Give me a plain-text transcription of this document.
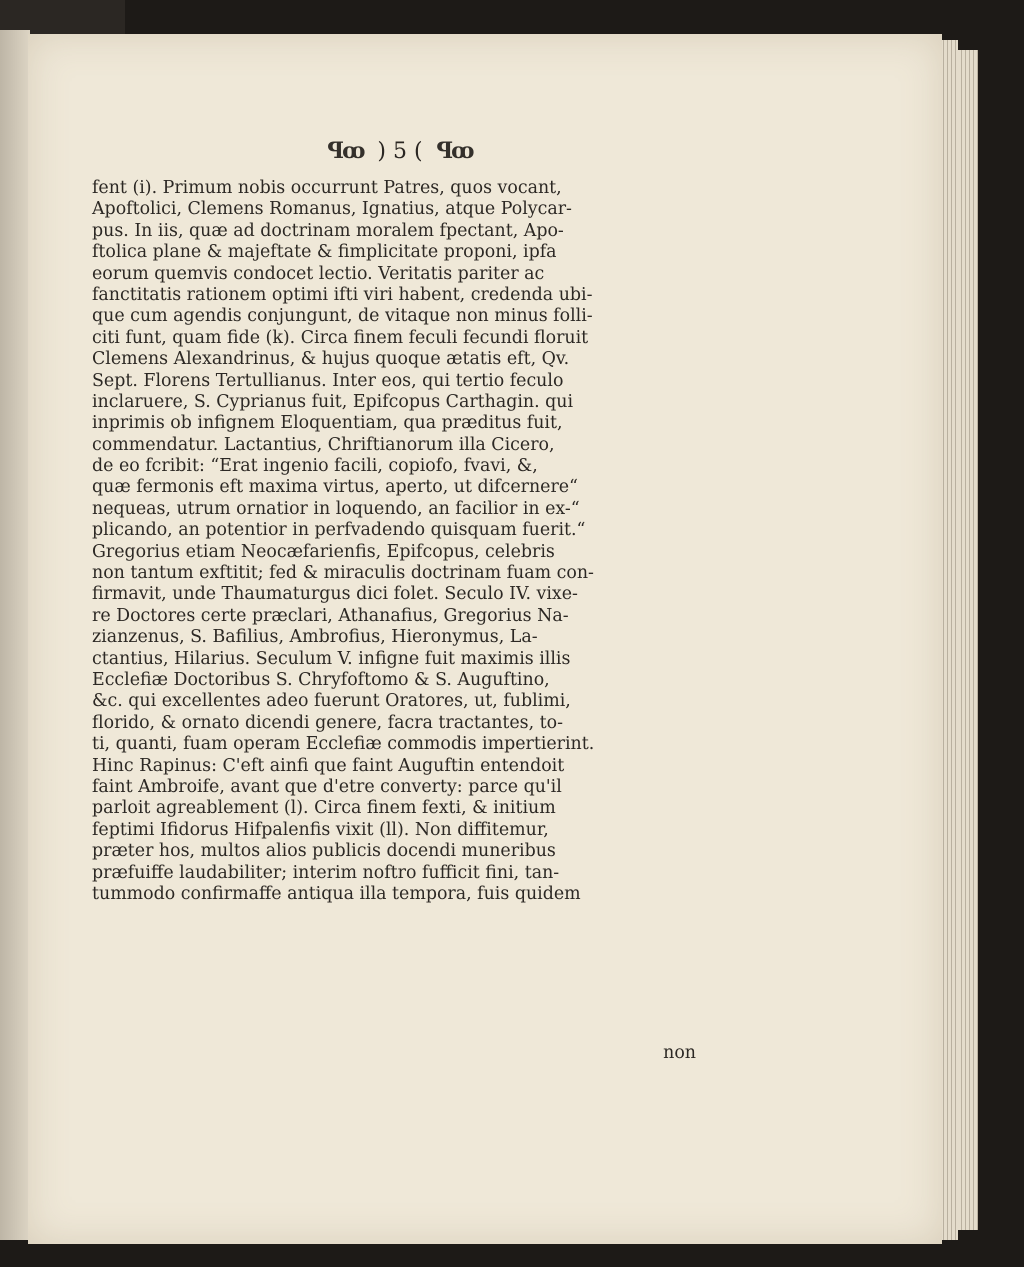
ꟼꝏ ) 5 ( ꟼꝏ
fent (i). Primum nobis occurrunt Patres, quos vocant,
Apoftolici, Clemens Romanus, Ignatius, atque Polycar-
pus. In iis, quæ ad doctrinam moralem fpectant, Apo-
ftolica plane & majeftate & fimplicitate proponi, ipfa
eorum quemvis condocet lectio. Veritatis pariter ac
fanctitatis rationem optimi ifti viri habent, credenda ubi-
que cum agendis conjungunt, de vitaque non minus folli-
citi funt, quam fide (k). Circa finem feculi fecundi floruit
Clemens Alexandrinus, & hujus quoque ætatis eft, Qv.
Sept. Florens Tertullianus. Inter eos, qui tertio feculo
inclaruere, S. Cyprianus fuit, Epifcopus Carthagin. qui
inprimis ob infignem Eloquentiam, qua præditus fuit,
commendatur. Lactantius, Chriftianorum illa Cicero,
de eo fcribit: “Erat ingenio facili, copiofo, fvavi, &,
quæ fermonis eft maxima virtus, aperto, ut difcernere“
nequeas, utrum ornatior in loquendo, an facilior in ex-“
plicando, an potentior in perfvadendo quisquam fuerit.“
Gregorius etiam Neocæfarienfis, Epifcopus, celebris
non tantum exftitit; fed & miraculis doctrinam fuam con-
firmavit, unde Thaumaturgus dici folet. Seculo IV. vixe-
re Doctores certe præclari, Athanafius, Gregorius Na-
zianzenus, S. Bafilius, Ambrofius, Hieronymus, La-
ctantius, Hilarius. Seculum V. infigne fuit maximis illis
Ecclefiæ Doctoribus S. Chryfoftomo & S. Auguftino,
&c. qui excellentes adeo fuerunt Oratores, ut, fublimi,
florido, & ornato dicendi genere, facra tractantes, to-
ti, quanti, fuam operam Ecclefiæ commodis impertierint.
Hinc Rapinus: C'eft ainfi que faint Auguftin entendoit
faint Ambroife, avant que d'etre converty: parce qu'il
parloit agreablement (l). Circa finem fexti, & initium
feptimi Ifidorus Hifpalenfis vixit (ll). Non diffitemur,
præter hos, multos alios publicis docendi muneribus
præfuiffe laudabiliter; interim noftro fufficit fini, tan-
tummodo confirmaffe antiqua illa tempora, fuis quidem
non
